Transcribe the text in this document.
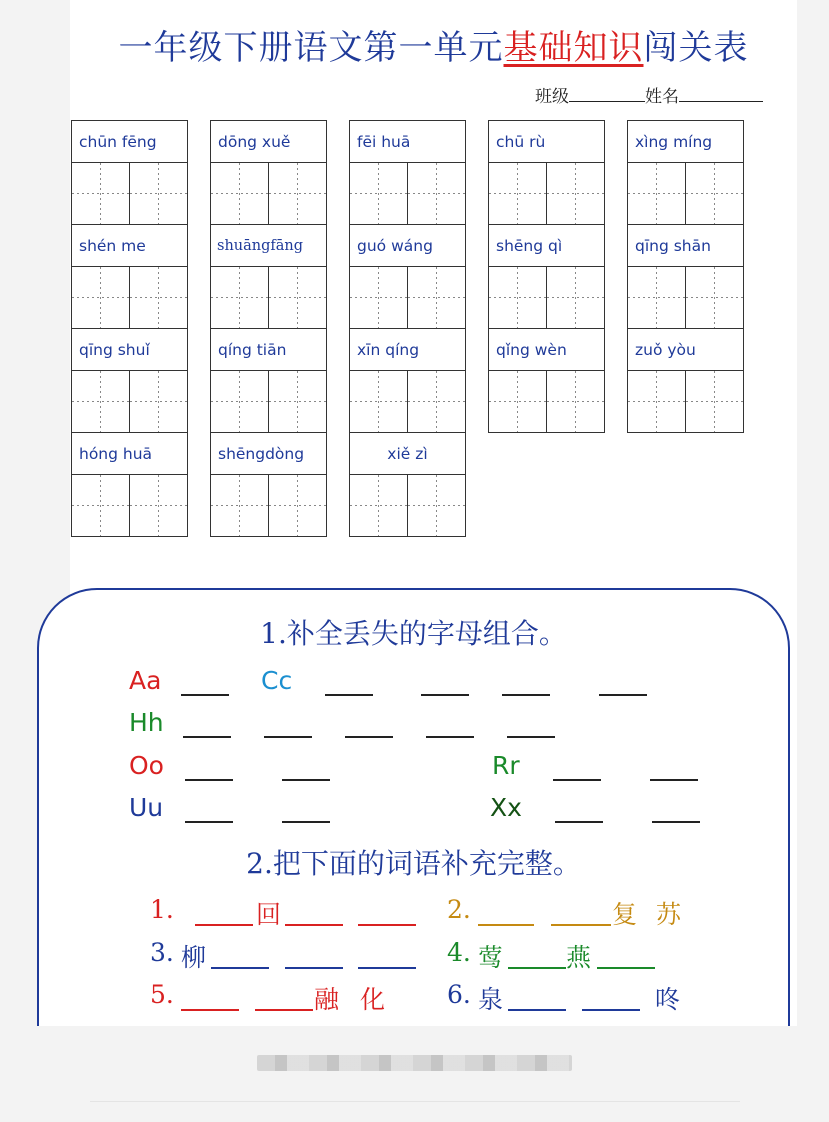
一年级下册语文第一单元基础知识闯关表
班级	姓名
chūn fēng	dōng xuě	fēi huā	chū rù	xìng míng
shén me	shuāngfāng	guó wáng	shēng qì	qīng shān
qīng shuǐ	qíng tiān	xīn qíng	qǐng wèn	zuǒ yòu
hóng huā	shēngdòng	xiě zì
1.补全丢失的字母组合。
Aa	Cc
Hh
Oo	Rr
Uu	Xx
2.把下面的词语补充完整。
1.	回	2.	复 苏
3. 柳	4. 莺	燕
5.	融 化 6. 泉	咚
